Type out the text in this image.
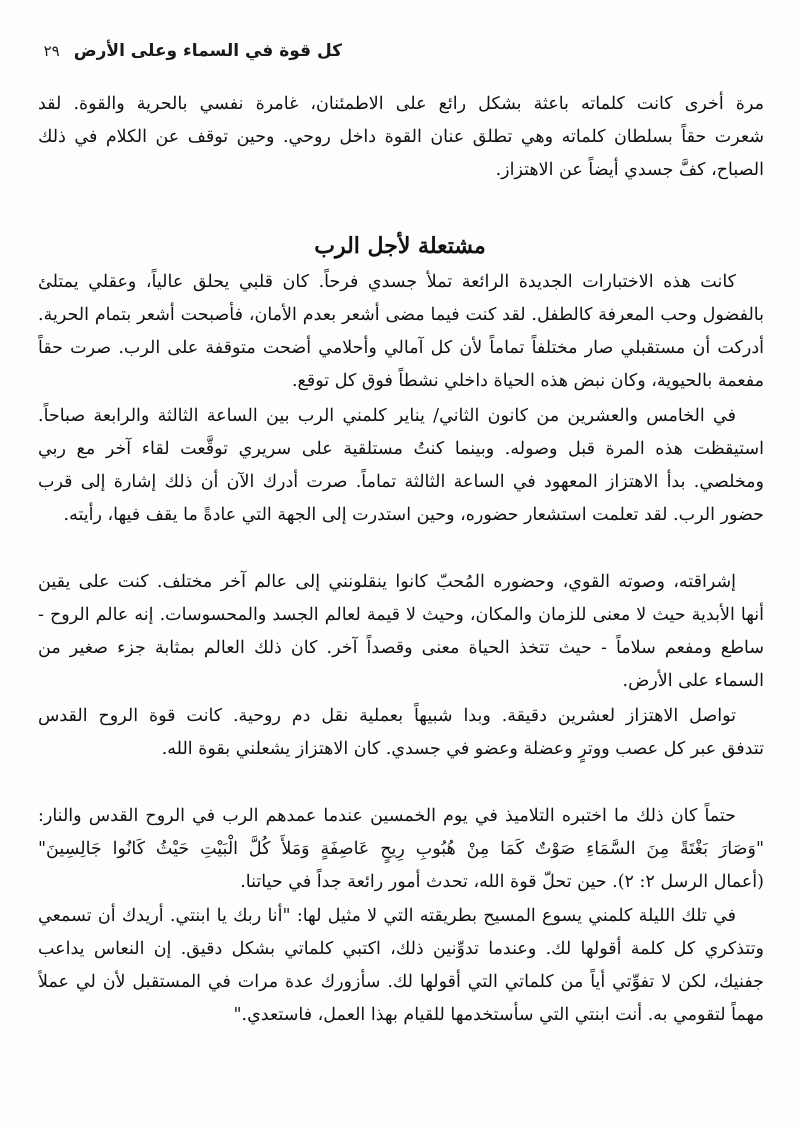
كل قوة في السماء وعلى الأرض
٢٩
مرة أخرى كانت كلماته باعثة بشكل رائع على الاطمئنان، غامرة نفسي بالحرية والقوة. لقد
شعرت حقاً بسلطان كلماته وهي تطلق عنان القوة داخل روحي. وحين توقف عن الكلام في ذلك
الصباح، كفَّ جسدي أيضاً عن الاهتزاز.
مشتعلة لأجل الرب
كانت هذه الاختبارات الجديدة الرائعة تملأ جسدي فرحاً. كان قلبي يحلق عالياً، وعقلي يمتلئ
بالفضول وحب المعرفة كالطفل. لقد كنت فيما مضى أشعر بعدم الأمان، فأصبحت أشعر بتمام الحرية.
أدركت أن مستقبلي صار مختلفاً تماماً لأن كل آمالي وأحلامي أضحت متوقفة على الرب. صرت حقاً
مفعمة بالحيوية، وكان نبض هذه الحياة داخلي نشطاً فوق كل توقع.
في الخامس والعشرين من كانون الثاني/ يناير كلمني الرب بين الساعة الثالثة والرابعة صباحاً.
استيقظت هذه المرة قبل وصوله. وبينما كنتُ مستلقية على سريري توقَّعت لقاء آخر مع ربي
ومخلصي. بدأ الاهتزاز المعهود في الساعة الثالثة تماماً. صرت أدرك الآن أن ذلك إشارة إلى قرب
حضور الرب. لقد تعلمت استشعار حضوره، وحين استدرت إلى الجهة التي عادةً ما يقف فيها، رأيته.
إشراقته، وصوته القوي، وحضوره المُحبّ كانوا ينقلونني إلى عالم آخر مختلف. كنت على يقين
أنها الأبدية حيث لا معنى للزمان والمكان، وحيث لا قيمة لعالم الجسد والمحسوسات. إنه عالم الروح -
ساطع ومفعم سلاماً - حيث تتخذ الحياة معنى وقصداً آخر. كان ذلك العالم بمثابة جزء صغير من
السماء على الأرض.
تواصل الاهتزاز لعشرين دقيقة. وبدا شبيهاً بعملية نقل دم روحية. كانت قوة الروح القدس
تتدفق عبر كل عصب ووترٍ وعضلة وعضو في جسدي. كان الاهتزاز يشعلني بقوة الله.
حتماً كان ذلك ما اختبره التلاميذ في يوم الخمسين عندما عمدهم الرب في الروح القدس والنار:
"وَصَارَ بَغْتَةً مِنَ السَّمَاءِ صَوْتٌ كَمَا مِنْ هُبُوبِ رِيحٍ عَاصِفَةٍ وَمَلأَ كُلَّ الْبَيْتِ حَيْثُ كَانُوا جَالِسِينَ"
(أعمال الرسل ٢: ٢). حين تحلّ قوة الله، تحدث أمور رائعة جداً في حياتنا.
في تلك الليلة كلمني يسوع المسيح بطريقته التي لا مثيل لها: "أنا ربك يا ابنتي. أريدك أن تسمعي
وتتذكري كل كلمة أقولها لك. وعندما تدوِّنين ذلك، اكتبي كلماتي بشكل دقيق. إن النعاس يداعب
جفنيك، لكن لا تفوِّتي أياً من كلماتي التي أقولها لك. سأزورك عدة مرات في المستقبل لأن لي عملاً
مهماً لتقومي به. أنت ابنتي التي سأستخدمها للقيام بهذا العمل، فاستعدي."
